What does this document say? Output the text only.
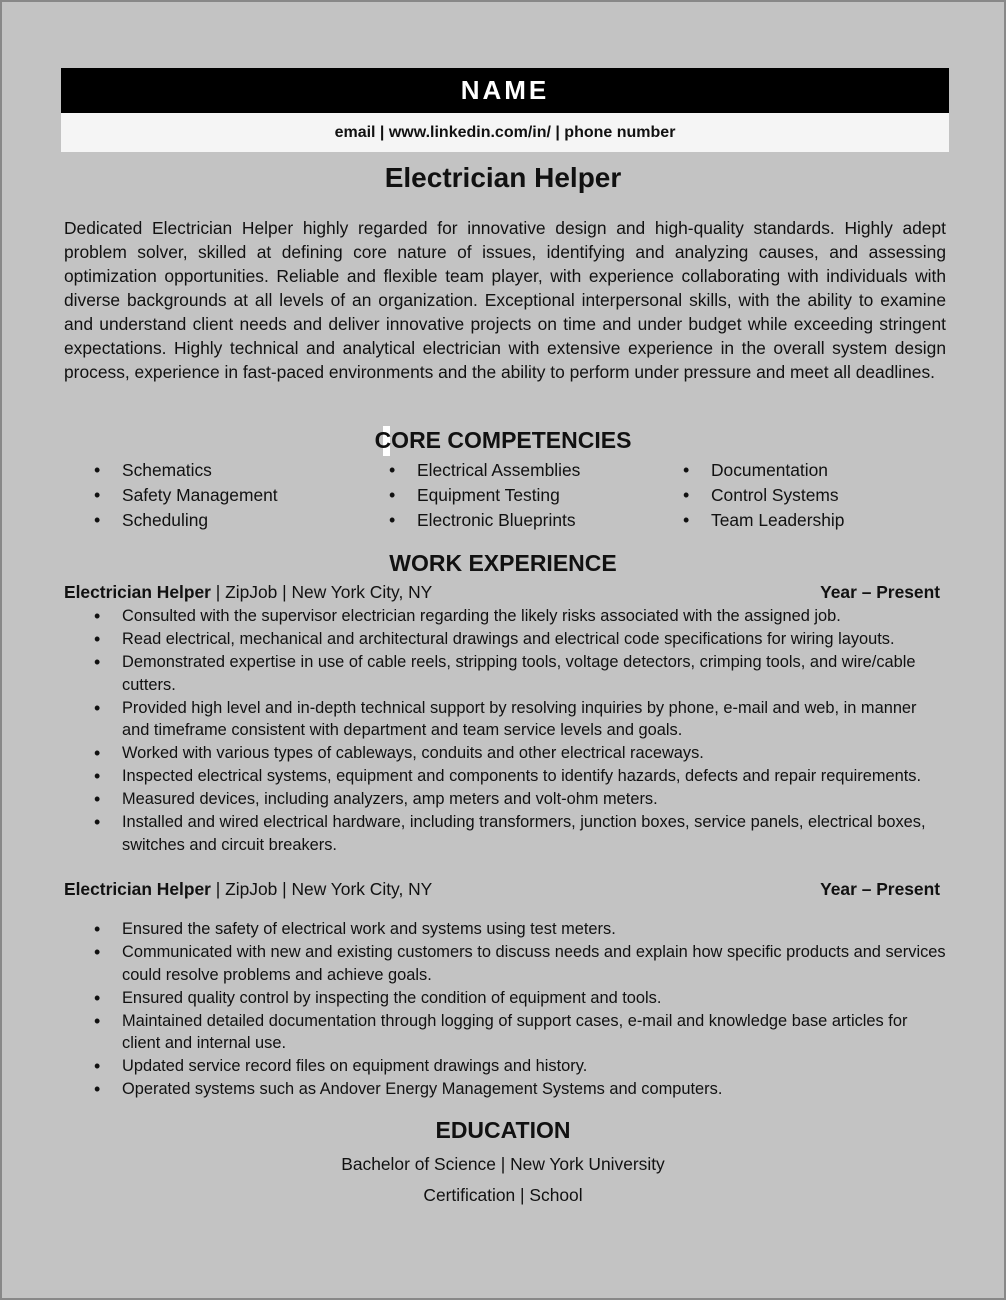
NAME
email | www.linkedin.com/in/ | phone number
Electrician Helper

Dedicated Electrician Helper highly regarded for innovative design and high-quality standards. Highly adept problem solver, skilled at defining core nature of issues, identifying and analyzing causes, and assessing optimization opportunities. Reliable and flexible team player, with experience collaborating with individuals with diverse backgrounds at all levels of an organization. Exceptional interpersonal skills, with the ability to examine and understand client needs and deliver innovative projects on time and under budget while exceeding stringent expectations. Highly technical and analytical electrician with extensive experience in the overall system design process, experience in fast-paced environments and the ability to perform under pressure and meet all deadlines.

CORE COMPETENCIES
• Schematics
• Safety Management
• Scheduling
• Electrical Assemblies
• Equipment Testing
• Electronic Blueprints
• Documentation
• Control Systems
• Team Leadership
WORK EXPERIENCE
Electrician Helper | ZipJob | New York City, NY	Year – Present
• Consulted with the supervisor electrician regarding the likely risks associated with the assigned job.
• Read electrical, mechanical and architectural drawings and electrical code specifications for wiring layouts.
• Demonstrated expertise in use of cable reels, stripping tools, voltage detectors, crimping tools, and wire/cable cutters.
• Provided high level and in-depth technical support by resolving inquiries by phone, e-mail and web, in manner and timeframe consistent with department and team service levels and goals.
• Worked with various types of cableways, conduits and other electrical raceways.
• Inspected electrical systems, equipment and components to identify hazards, defects and repair requirements.
• Measured devices, including analyzers, amp meters and volt-ohm meters.
• Installed and wired electrical hardware, including transformers, junction boxes, service panels, electrical boxes, switches and circuit breakers.
Electrician Helper | ZipJob | New York City, NY	Year – Present
• Ensured the safety of electrical work and systems using test meters.
• Communicated with new and existing customers to discuss needs and explain how specific products and services could resolve problems and achieve goals.
• Ensured quality control by inspecting the condition of equipment and tools.
• Maintained detailed documentation through logging of support cases, e-mail and knowledge base articles for client and internal use.
• Updated service record files on equipment drawings and history.
• Operated systems such as Andover Energy Management Systems and computers.
EDUCATION
Bachelor of Science | New York University
Certification | School
